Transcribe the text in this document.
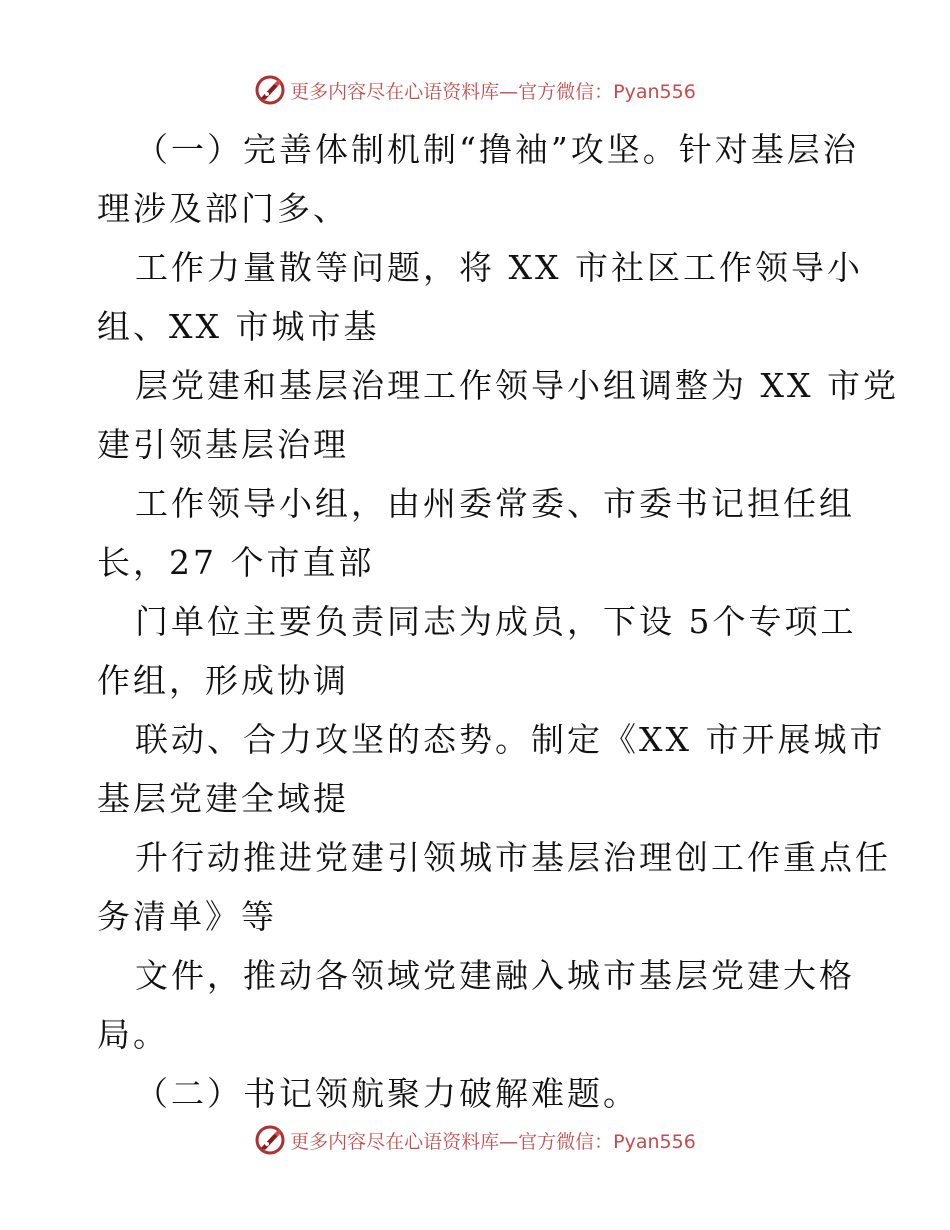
更多内容尽在心语资料库—官方微信：Pyan556
（一）完善体制机制“撸袖”攻坚。针对基层治
理涉及部门多、
工作力量散等问题，将 XX 市社区工作领导小
组、XX 市城市基
层党建和基层治理工作领导小组调整为 XX 市党
建引领基层治理
工作领导小组，由州委常委、市委书记担任组
长，27 个市直部
门单位主要负责同志为成员，下设 5个专项工
作组，形成协调
联动、合力攻坚的态势。制定《XX 市开展城市
基层党建全域提
升行动推进党建引领城市基层治理创工作重点任
务清单》等
文件，推动各领域党建融入城市基层党建大格
局。
（二）书记领航聚力破解难题。
更多内容尽在心语资料库—官方微信：Pyan556
